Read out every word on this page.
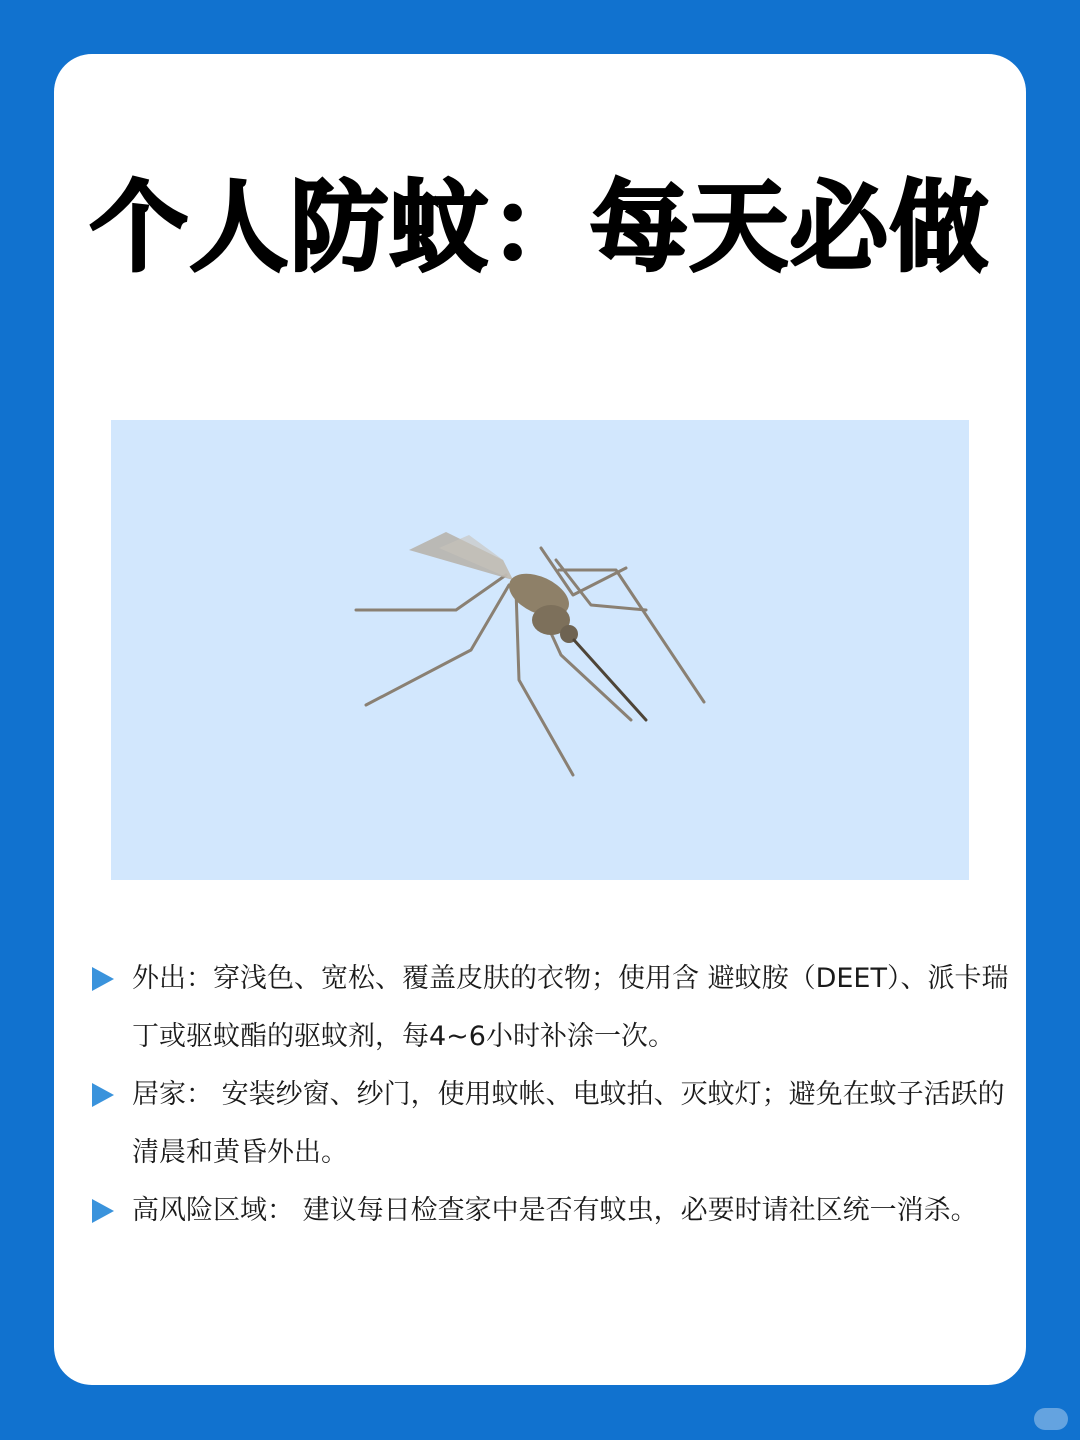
个人防蚊：每天必做
外出：穿浅色、宽松、覆盖皮肤的衣物；使用含 避蚊胺（DEET）、派卡瑞丁或驱蚊酯的驱蚊剂，每4~6小时补涂一次。
居家： 安装纱窗、纱门，使用蚊帐、电蚊拍、灭蚊灯；避免在蚊子活跃的清晨和黄昏外出。
高风险区域： 建议每日检查家中是否有蚊虫，必要时请社区统一消杀。
